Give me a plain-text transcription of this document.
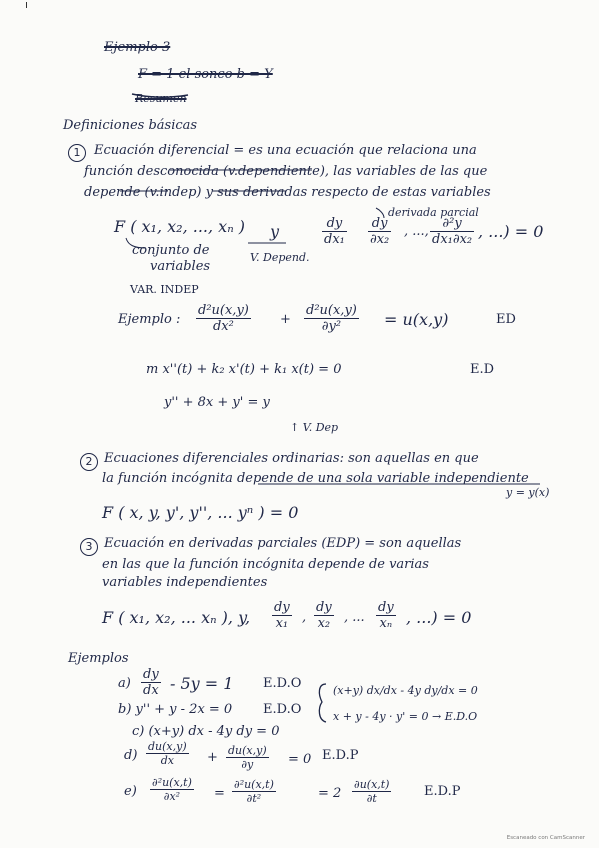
Ejemplo 3
F = 1 el sonco b = Y
Resumen
Definiciones básicas
1	Ecuación diferencial = es una ecuación que relaciona una
función desconocida (v.dependiente), las variables de las que
depende (v.indep) y sus derivadas respecto de estas variables
derivada parcial
F ( x₁, x₂, ..., xₙ )
conjunto de
variables
VAR. INDEP
y
V. Depend.
$\frac{dy}{\text{dx₁}} \frac{dy}{\text{∂x₂}}$ , ..., $\frac{\text{∂²y}}{\text{dx₁∂x₂}}$ , ...) = 0
Ejemplo : $\frac{\text{d²u(x,y)}}{\text{dx²}} + \frac{\text{d²u(x,y)}}{\text{∂y²}} = u(x,y)$	ED
m x''(t) + k₂ x'(t) + k₁ x(t) = 0	E.D
y'' + 8x + y' = y
↑ V. Dep
2 Ecuaciones diferenciales ordinarias: son aquellas en que
la función incógnita depende de una sola variable independiente
y = y(x)
F ( x, y, y', y'', ... yⁿ ) = 0
3 Ecuación en derivadas parciales (EDP) = son aquellas
en las que la función incógnita depende de varias
variables independientes
F ( x₁, x₂, ... xₙ ), y, $\frac{dy}{\text{x₁}}$ , $\frac{dy}{\text{x₂}}$ , ... $\frac{dy}{\text{xₙ}}$ , ...) = 0
Ejemplos
$a) \frac{dy}{dx} - 5y = 1$ E.D.O
b) y'' + y - 2x = 0 E.D.O
c) (x+y) dx - 4y dy = 0
(x+y) dx/dx - 4y dy/dx = 0
x + y - 4y · y' = 0 → E.D.O
$d) \frac{du(x,y)}{dx} + \frac{du(x,y)}{\partial y} = 0$ E.D.P
$e) \frac{\text{∂²u(x,t)}}{\text{∂x²}} = \frac{\text{∂²u(x,t)}}{\text{∂t²}}$	= $2 \frac{\partial u(x,t)}{\partial t}$	E.D.P
Escaneado con CamScanner
